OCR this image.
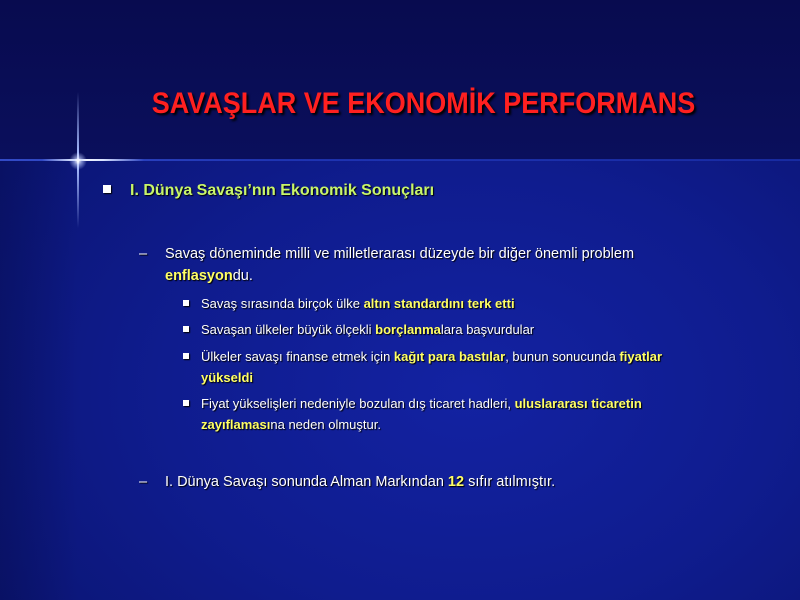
SAVAŞLAR VE EKONOMİK PERFORMANS
I. Dünya Savaşı’nın Ekonomik Sonuçları
– Savaş döneminde milli ve milletlerarası düzeyde bir diğer önemli problem
enflasyondu.
Savaş sırasında birçok ülke altın standardını terk etti
Savaşan ülkeler büyük ölçekli borçlanmalara başvurdular
Ülkeler savaşı finanse etmek için kağıt para bastılar, bunun sonucunda fiyatlar
yükseldi
Fiyat yükselişleri nedeniyle bozulan dış ticaret hadleri, uluslararası ticaretin
zayıflamasına neden olmuştur.
– I. Dünya Savaşı sonunda Alman Markından 12 sıfır atılmıştır.
